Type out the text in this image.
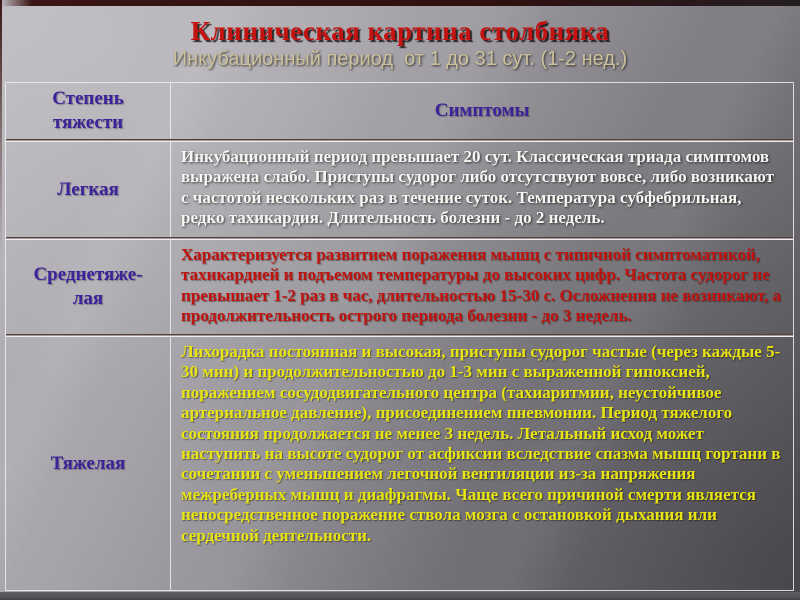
Клиническая картина столбняка
Инкубационный период  от 1 до 31 сут. (1-2 нед.)
Степень тяжести
Симптомы
Легкая
Инкубационный период превышает 20 сут. Классическая триада симптомов выражена слабо. Приступы судорог либо отсутствуют вовсе, либо возникают с частотой нескольких раз в течение суток. Температура субфебрильная, редко тахикардия. Длительность болезни - до 2 недель.
Среднетяже-лая
Характеризуется развитием поражения мышц с типичной симптоматикой, тахикардией и подъемом температуры до высоких цифр. Частота судорог не превышает 1-2 раз в час, длительностью 15-30 с. Осложнения не возникают, а продолжительность острого периода болезни - до 3 недель.
Тяжелая
Лихорадка постоянная и высокая, приступы судорог частые (через каждые 5-30 мин) и продолжительностью до 1-3 мин с выраженной гипоксией, поражением сосудодвигательного центра (тахиаритмии, неустойчивое артериальное давление), присоединением пневмонии. Период тяжелого состояния продолжается не менее 3 недель. Летальный исход может наступить на высоте судорог от асфиксии вследствие спазма мышц гортани в сочетании с уменьшением легочной вентиляции из-за напряжения межреберных мышц и диафрагмы. Чаще всего причиной смерти является непосредственное поражение ствола мозга с остановкой дыхания или сердечной деятельности.
